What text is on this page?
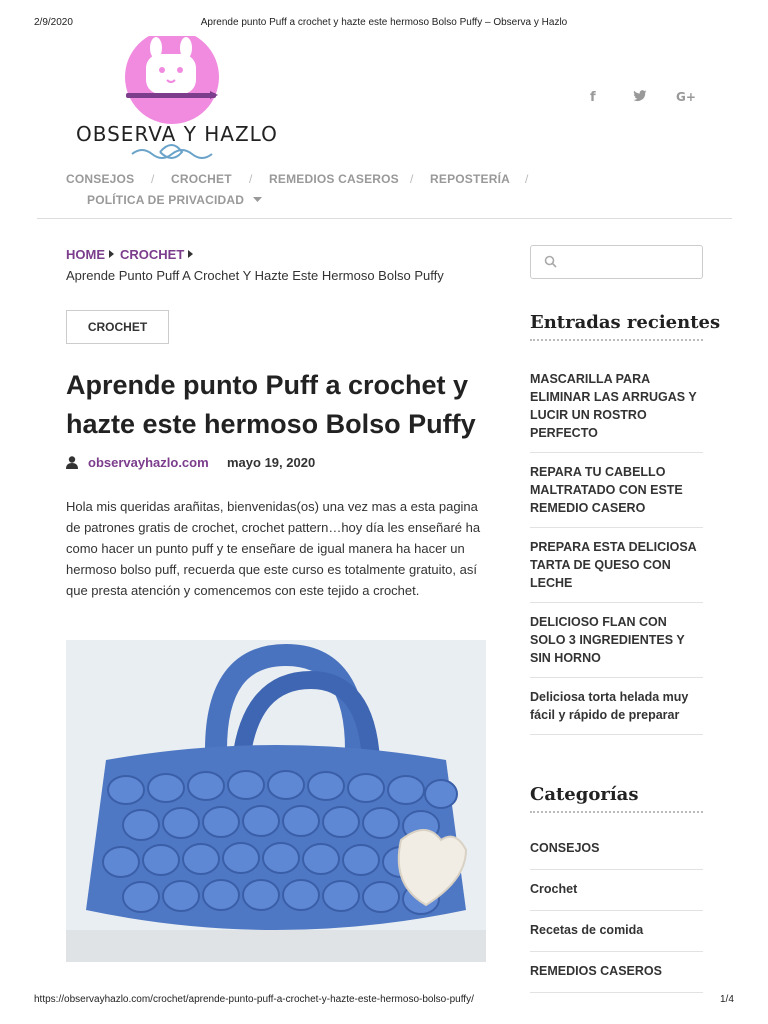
2/9/2020	Aprende punto Puff a crochet y hazte este hermoso Bolso Puffy – Observa y Hazlo
OBSERVA Y HAZLO
f	G+
CONSEJOS / CROCHET / REMEDIOS CASEROS / REPOSTERÍA /
POLÍTICA DE PRIVACIDAD
HOME CROCHET
Aprende Punto Puff A Crochet Y Hazte Este Hermoso Bolso Puffy
CROCHET
Aprende punto Puff a crochet y hazte este hermoso Bolso Puffy
observayhazlo.com mayo 19, 2020

Hola mis queridas arañitas, bienvenidas(os) una vez mas a esta pagina de patrones gratis de crochet, crochet pattern…hoy día les enseñaré ha como hacer un punto puff y te enseñare de igual manera ha hacer un hermoso bolso puff, recuerda que este curso es totalmente gratuito, así que presta atención y comencemos con este tejido a crochet.

Entradas recientes
MASCARILLA PARA ELIMINAR LAS ARRUGAS Y LUCIR UN ROSTRO PERFECTO
REPARA TU CABELLO MALTRATADO CON ESTE REMEDIO CASERO
PREPARA ESTA DELICIOSA TARTA DE QUESO CON LECHE
DELICIOSO FLAN CON SOLO 3 INGREDIENTES Y SIN HORNO
Deliciosa torta helada muy fácil y rápido de preparar
Categorías
CONSEJOS
Crochet
Recetas de comida
REMEDIOS CASEROS
https://observayhazlo.com/crochet/aprende-punto-puff-a-crochet-y-hazte-este-hermoso-bolso-puffy/	1/4
